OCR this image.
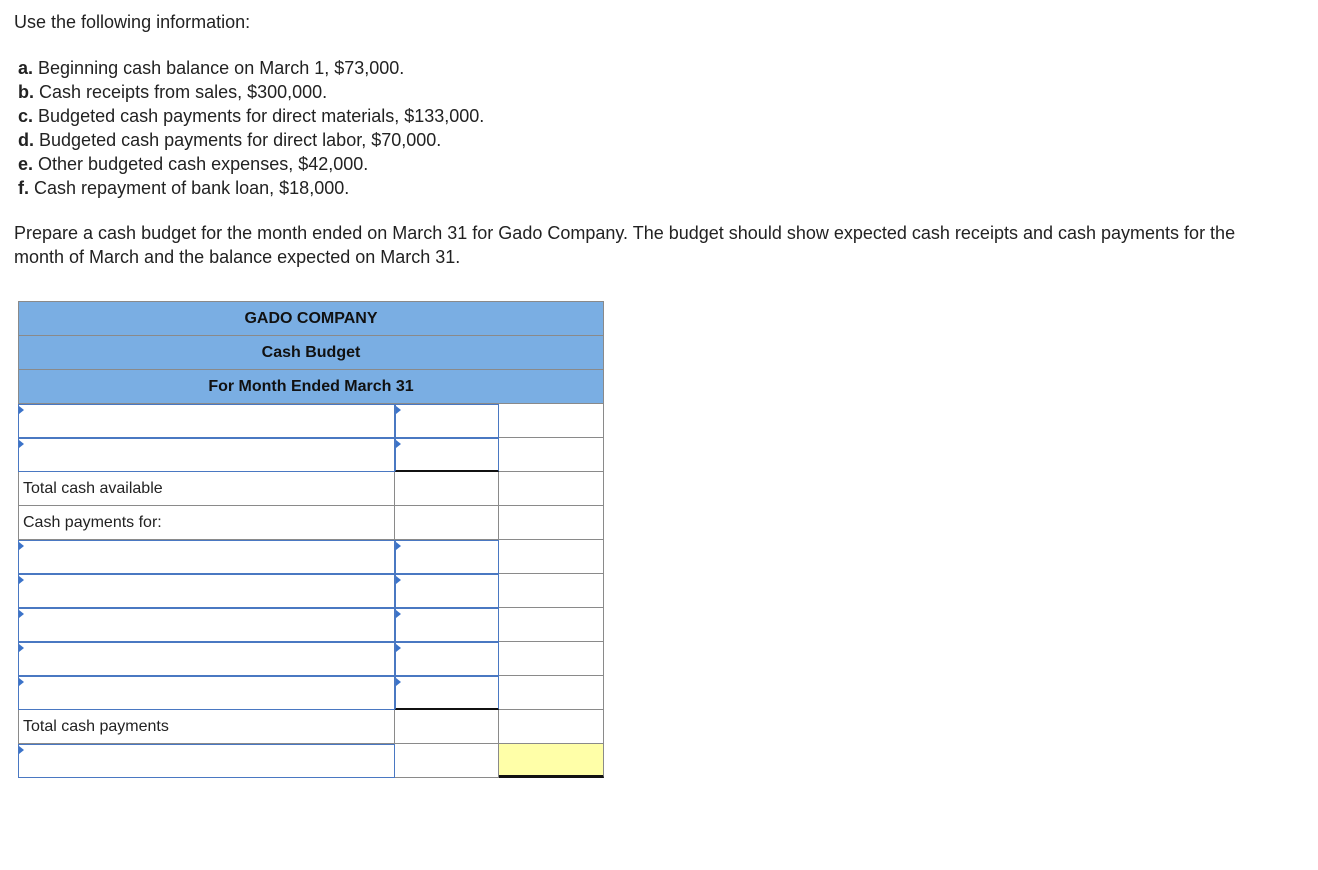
Use the following information:
a. Beginning cash balance on March 1, $73,000.
b. Cash receipts from sales, $300,000.
c. Budgeted cash payments for direct materials, $133,000.
d. Budgeted cash payments for direct labor, $70,000.
e. Other budgeted cash expenses, $42,000.
f. Cash repayment of bank loan, $18,000.
Prepare a cash budget for the month ended on March 31 for Gado Company. The budget should show expected cash receipts and cash payments for the month of March and the balance expected on March 31.
GADO COMPANY
Cash Budget
For Month Ended March 31
Total cash available
Cash payments for:
Total cash payments
